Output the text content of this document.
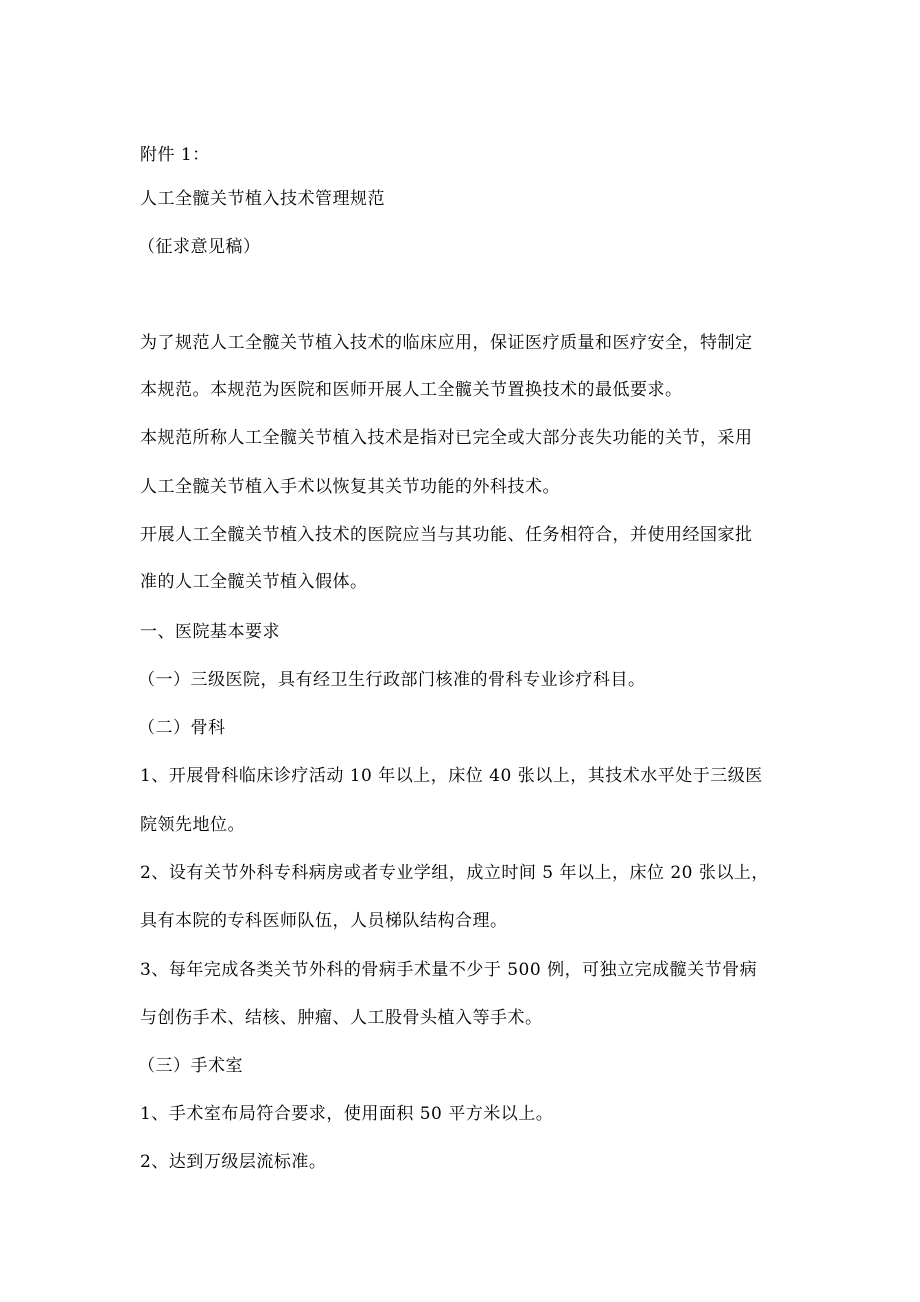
附件 1：
人工全髋关节植入技术管理规范
（征求意见稿）
为了规范人工全髋关节植入技术的临床应用，保证医疗质量和医疗安全，特制定
本规范。本规范为医院和医师开展人工全髋关节置换技术的最低要求。
本规范所称人工全髋关节植入技术是指对已完全或大部分丧失功能的关节，采用
人工全髋关节植入手术以恢复其关节功能的外科技术。
开展人工全髋关节植入技术的医院应当与其功能、任务相符合，并使用经国家批
准的人工全髋关节植入假体。
一、医院基本要求
（一）三级医院，具有经卫生行政部门核准的骨科专业诊疗科目。
（二）骨科
1、开展骨科临床诊疗活动 10 年以上，床位 40 张以上，其技术水平处于三级医
院领先地位。
2、设有关节外科专科病房或者专业学组，成立时间 5 年以上，床位 20 张以上，
具有本院的专科医师队伍，人员梯队结构合理。
3、每年完成各类关节外科的骨病手术量不少于 500 例，可独立完成髋关节骨病
与创伤手术、结核、肿瘤、人工股骨头植入等手术。
（三）手术室
1、手术室布局符合要求，使用面积 50 平方米以上。
2、达到万级层流标准。
